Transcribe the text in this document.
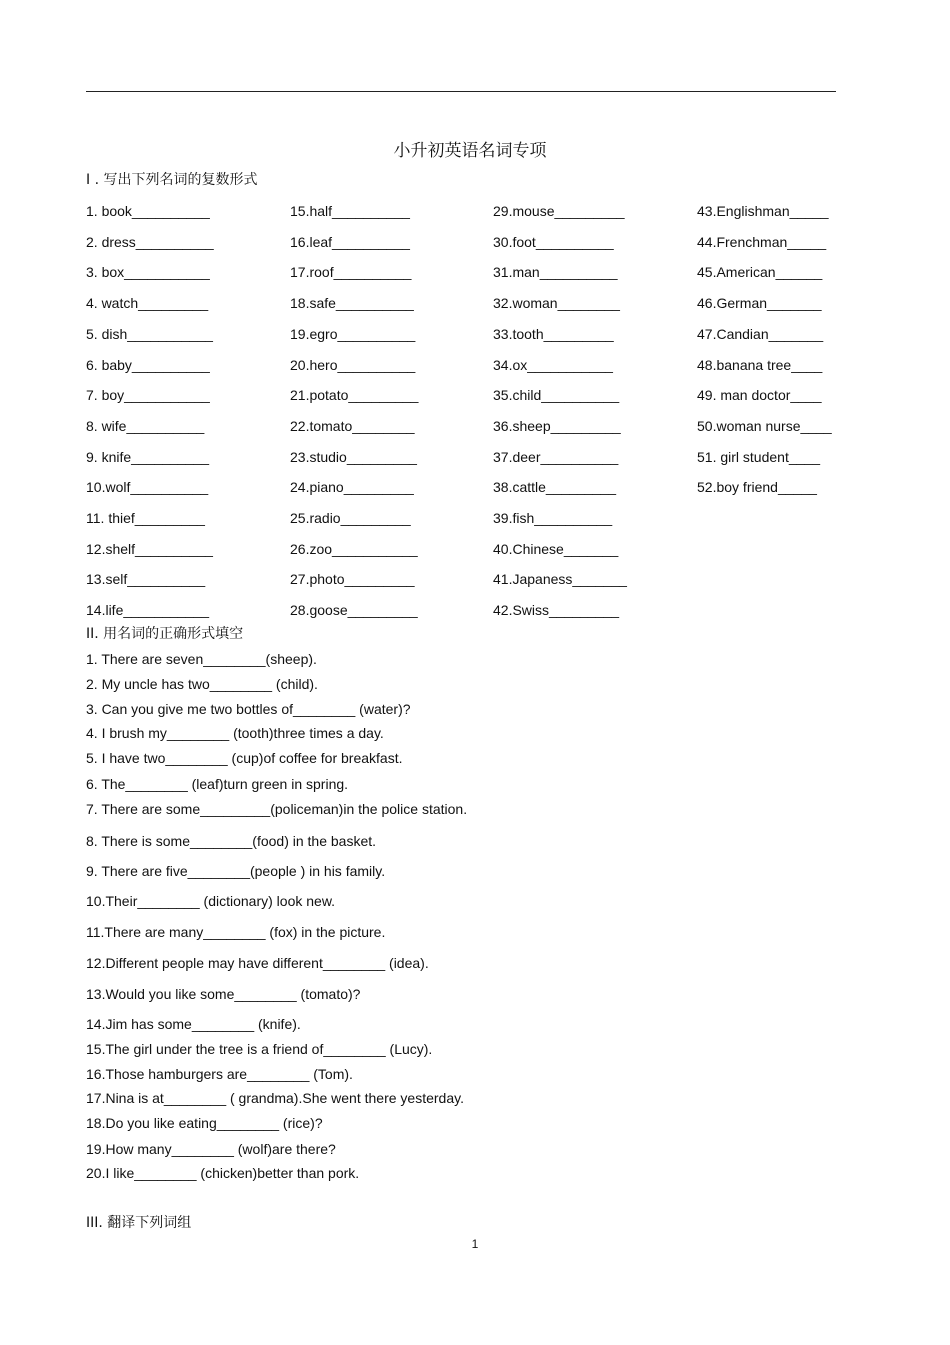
小升初英语名词专项
I . 写出下列名词的复数形式
1. book__________
2. dress__________
3. box___________
4. watch_________
5. dish___________
6. baby__________
7. boy___________
8. wife__________
9. knife__________
10.wolf__________
11. thief_________
12.shelf__________
13.self__________
14.life___________
15.half__________
16.leaf__________
17.roof__________
18.safe__________
19.egro__________
20.hero__________
21.potato_________
22.tomato________
23.studio_________
24.piano_________
25.radio_________
26.zoo___________
27.photo_________
28.goose_________
29.mouse_________
30.foot__________
31.man__________
32.woman________
33.tooth_________
34.ox___________
35.child__________
36.sheep_________
37.deer__________
38.cattle_________
39.fish__________
40.Chinese_______
41.Japaness_______
42.Swiss_________
43.Englishman_____
44.Frenchman_____
45.American______
46.German_______
47.Candian_______
48.banana tree____
49. man doctor____
50.woman nurse____
51. girl student____
52.boy friend_____
II. 用名词的正确形式填空
1. There are seven________(sheep).
2. My uncle has two________ (child).
3. Can you give me two bottles of________ (water)?
4. I brush my________ (tooth)three times a day.
5. I have two________ (cup)of coffee for breakfast.
6. The________ (leaf)turn green in spring.
7. There are some_________(policeman)in the police station.
8. There is some________(food) in the basket.
9. There are five________(people ) in his family.
10.Their________ (dictionary) look new.
11.There are many________ (fox) in the picture.
12.Different people may have different________ (idea).
13.Would you like some________ (tomato)?
14.Jim has some________ (knife).
15.The girl under the tree is a friend of________ (Lucy).
16.Those hamburgers are________ (Tom).
17.Nina is at________ ( grandma).She went there yesterday.
18.Do you like eating________ (rice)?
19.How many________ (wolf)are there?
20.I like________ (chicken)better than pork.
III. 翻译下列词组
1
